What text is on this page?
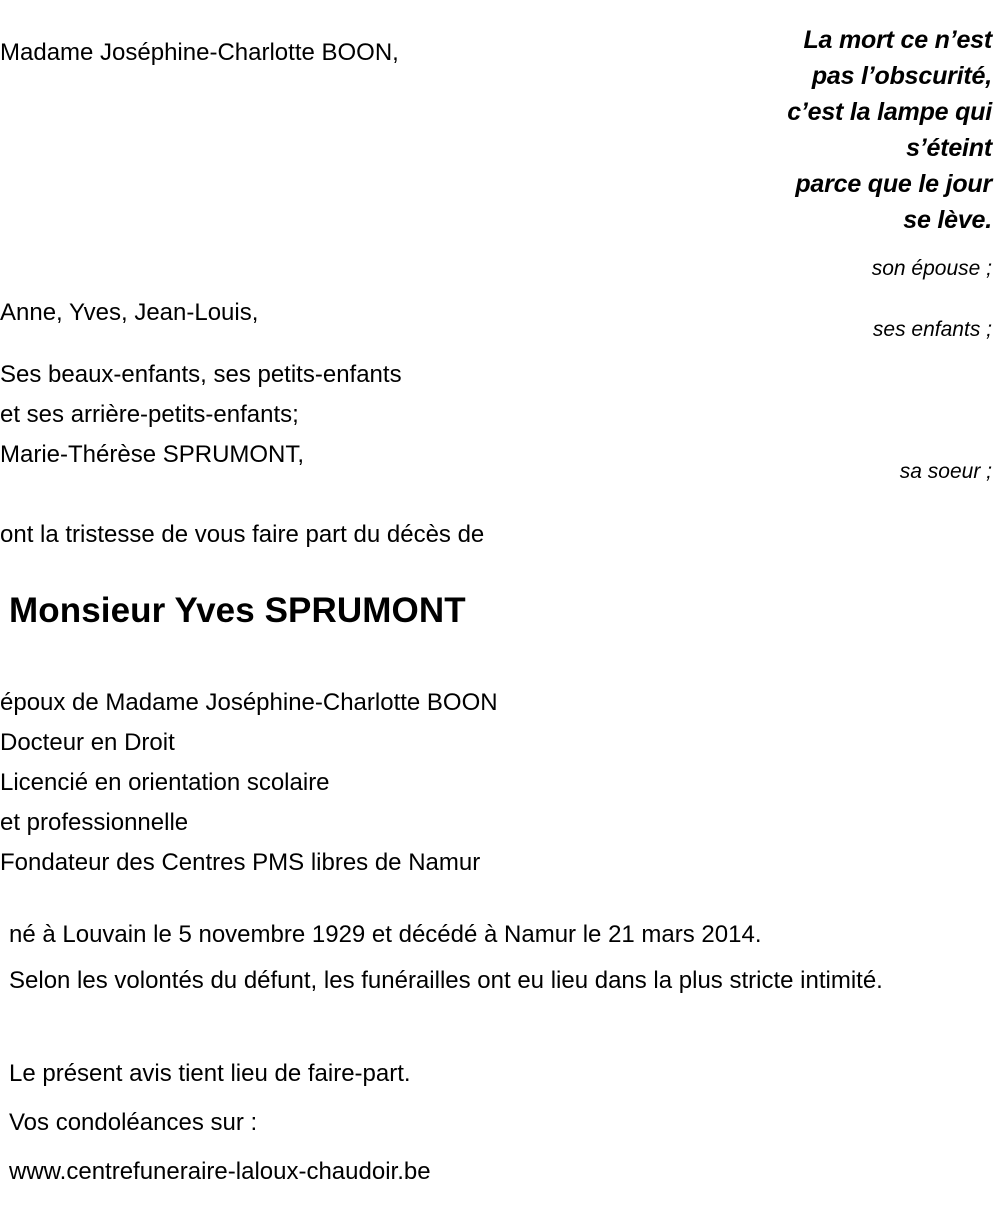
La mort ce n’est
pas l’obscurité,
c’est la lampe qui
s’éteint
parce que le jour
se lève.
son épouse ;
ses enfants ;
sa soeur ;
Madame Joséphine-Charlotte BOON,
Anne, Yves, Jean-Louis,
Ses beaux-enfants, ses petits-enfants
et ses arrière-petits-enfants;
Marie-Thérèse SPRUMONT,
ont la tristesse de vous faire part du décès de
Monsieur Yves SPRUMONT
époux de Madame Joséphine-Charlotte BOON
Docteur en Droit
Licencié en orientation scolaire
et professionnelle
Fondateur des Centres PMS libres de Namur
né à Louvain le 5 novembre 1929 et décédé à Namur le 21 mars 2014.
Selon les volontés du défunt, les funérailles ont eu lieu dans la plus stricte intimité.
Le présent avis tient lieu de faire-part.
Vos condoléances sur :
www.centrefuneraire-laloux-chaudoir.be
